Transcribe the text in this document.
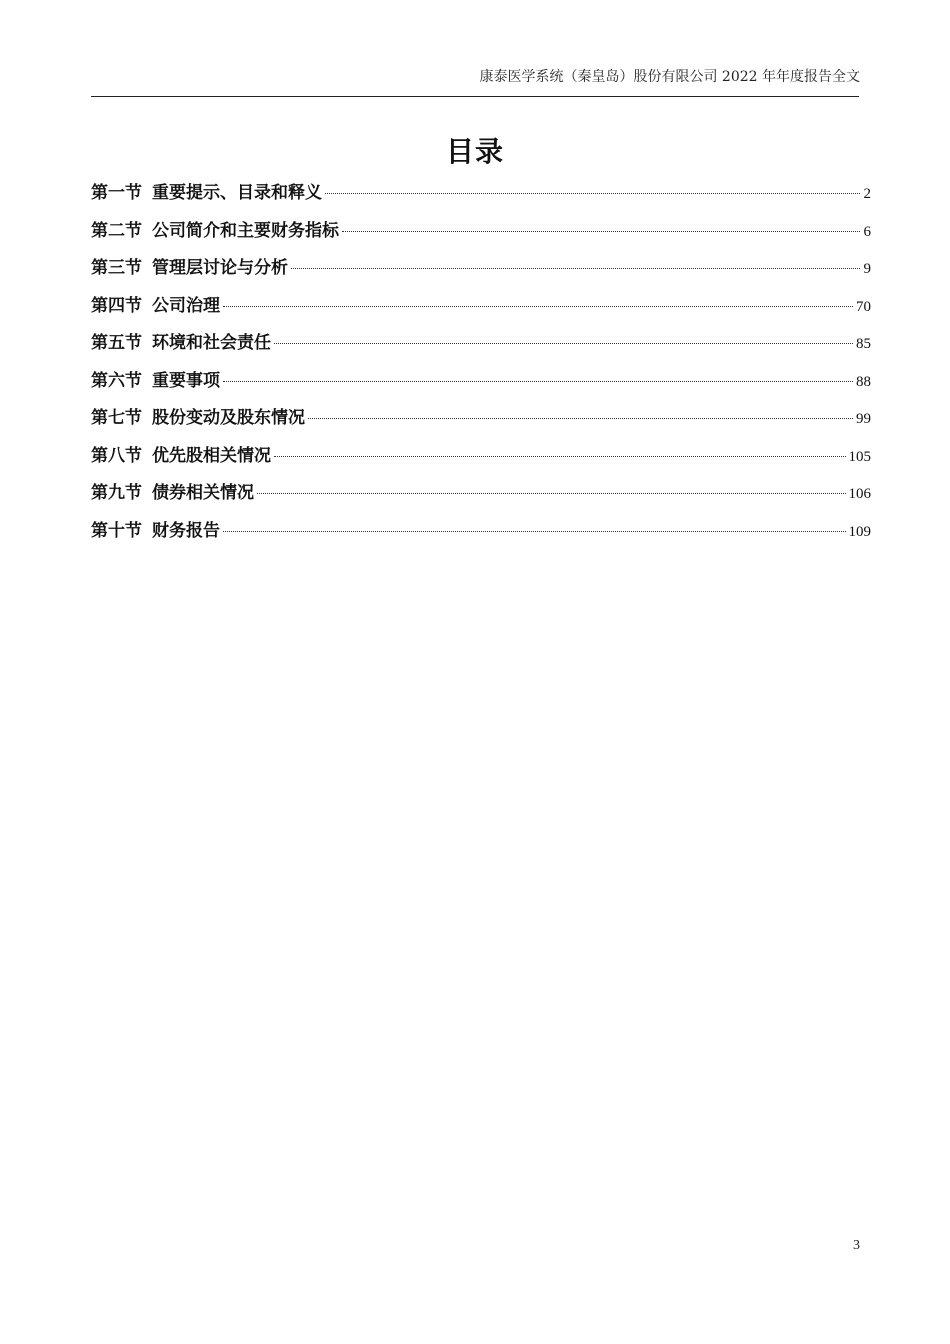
康泰医学系统（秦皇岛）股份有限公司 2022 年年度报告全文
目录
第一节 重要提示、目录和释义	2
第二节 公司简介和主要财务指标	6
第三节 管理层讨论与分析	9
第四节 公司治理	70
第五节 环境和社会责任	85
第六节 重要事项	88
第七节 股份变动及股东情况	99
第八节 优先股相关情况	105
第九节 债券相关情况	106
第十节 财务报告	109
3
